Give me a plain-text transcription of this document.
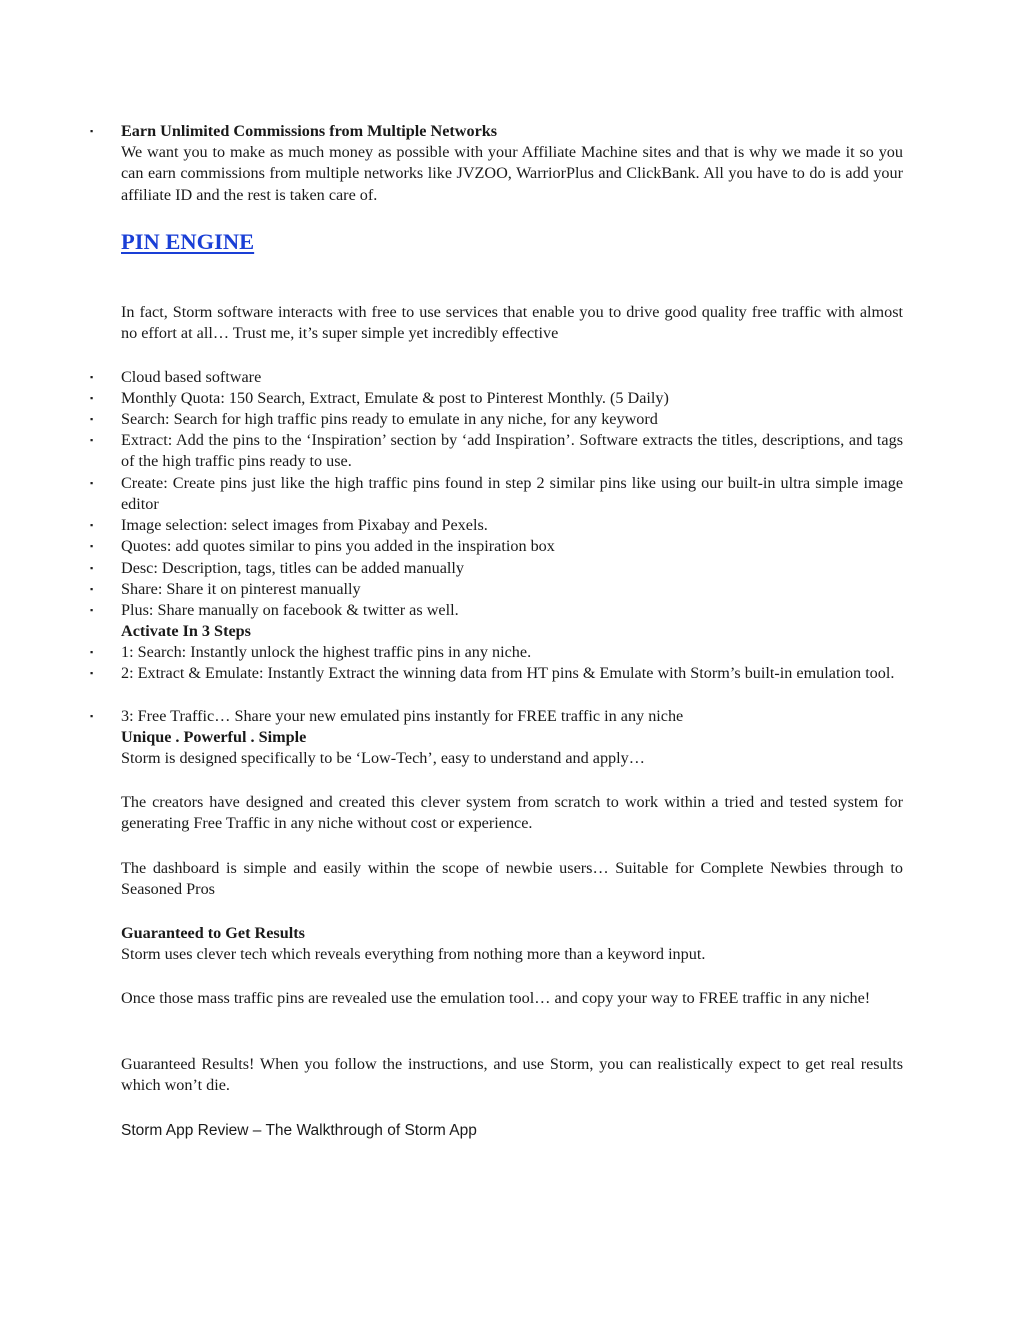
▪ Earn Unlimited Commissions from Multiple Networks

We want you to make as much money as possible with your Affiliate Machine sites and that is why we made it so you can earn commissions from multiple networks like JVZOO, WarriorPlus and ClickBank. All you have to do is add your affiliate ID and the rest is taken care of.

PIN ENGINE
In fact, Storm software interacts with free to use services that enable you to drive good quality free traffic with almost no effort at all… Trust me, it’s super simple yet incredibly effective
▪ Cloud based software
▪ Monthly Quota: 150 Search, Extract, Emulate & post to Pinterest Monthly. (5 Daily)
▪ Search: Search for high traffic pins ready to emulate in any niche, for any keyword
▪ Extract: Add the pins to the ‘Inspiration’ section by ‘add Inspiration’. Software extracts the titles, descriptions, and tags of the high traffic pins ready to use.
▪ Create: Create pins just like the high traffic pins found in step 2 similar pins like using our built-in ultra simple image editor
▪ Image selection: select images from Pixabay and Pexels.
▪ Quotes: add quotes similar to pins you added in the inspiration box
▪ Desc: Description, tags, titles can be added manually
▪ Share: Share it on pinterest manually
▪ Plus: Share manually on facebook & twitter as well.
Activate In 3 Steps
▪ 1: Search: Instantly unlock the highest traffic pins in any niche.
▪ 2: Extract & Emulate: Instantly Extract the winning data from HT pins & Emulate with Storm’s built-in emulation tool.
▪ 3: Free Traffic… Share your new emulated pins instantly for FREE traffic in any niche

Unique . Powerful . Simple

Storm is designed specifically to be ‘Low-Tech’, easy to understand and apply…

The creators have designed and created this clever system from scratch to work within a tried and tested system for generating Free Traffic in any niche without cost or experience.
The dashboard is simple and easily within the scope of newbie users… Suitable for Complete Newbies through to Seasoned Pros

Guaranteed to Get Results

Storm uses clever tech which reveals everything from nothing more than a keyword input.

Once those mass traffic pins are revealed use the emulation tool… and copy your way to FREE traffic in any niche!
Guaranteed Results! When you follow the instructions, and use Storm, you can realistically expect to get real results which won’t die.
Storm App Review – The Walkthrough of Storm App
